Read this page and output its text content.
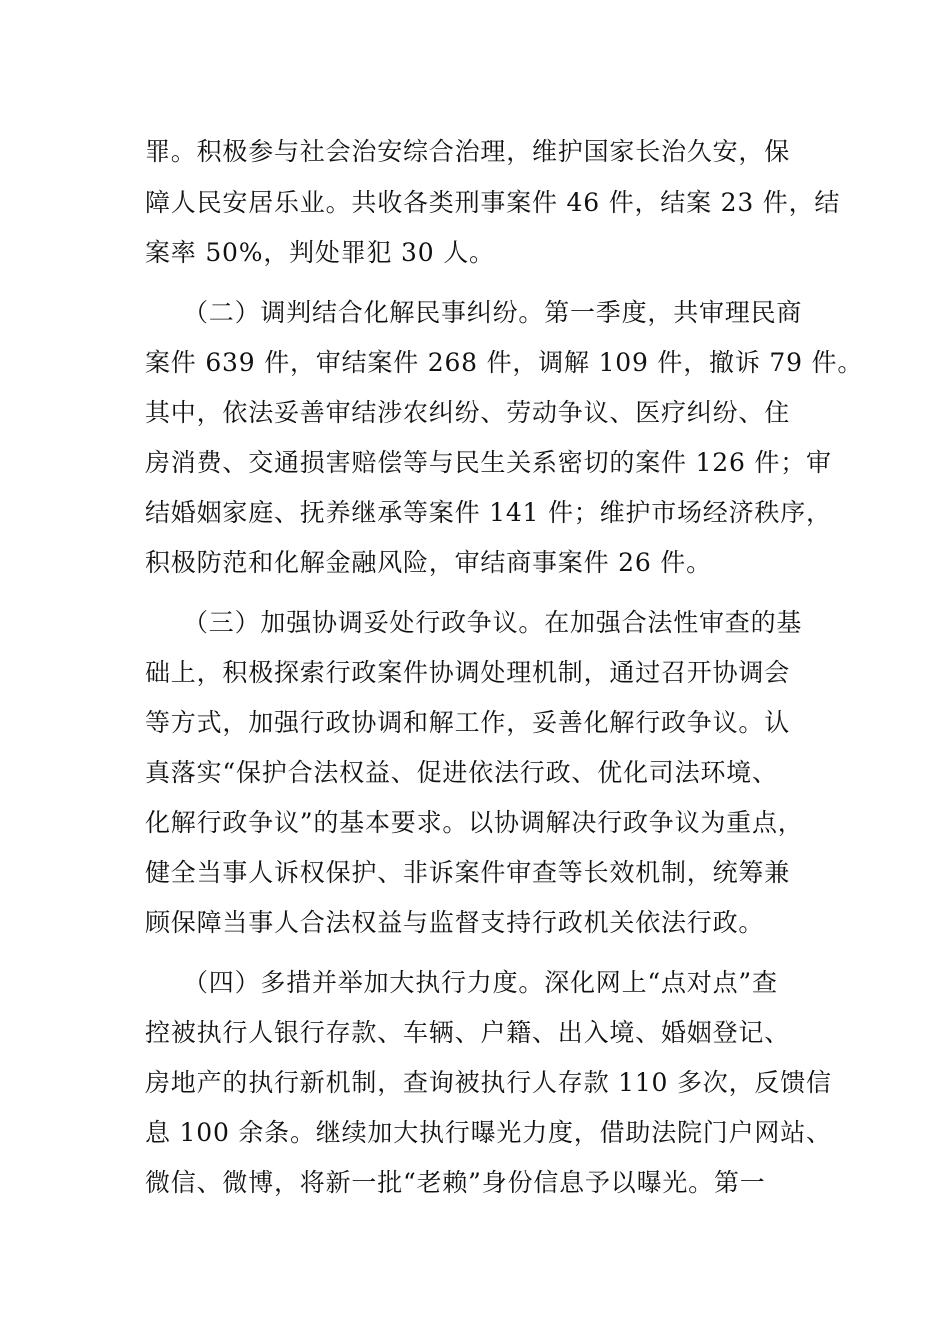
罪。积极参与社会治安综合治理，维护国家长治久安，保
障人民安居乐业。共收各类刑事案件 46 件，结案 23 件，结
案率 50%，判处罪犯 30 人。
（二）调判结合化解民事纠纷。第一季度，共审理民商
案件 639 件，审结案件 268 件，调解 109 件，撤诉 79 件。
其中，依法妥善审结涉农纠纷、劳动争议、医疗纠纷、住
房消费、交通损害赔偿等与民生关系密切的案件 126 件；审
结婚姻家庭、抚养继承等案件 141 件；维护市场经济秩序，
积极防范和化解金融风险，审结商事案件 26 件。
（三）加强协调妥处行政争议。在加强合法性审查的基
础上，积极探索行政案件协调处理机制，通过召开协调会
等方式，加强行政协调和解工作，妥善化解行政争议。认
真落实“保护合法权益、促进依法行政、优化司法环境、
化解行政争议”的基本要求。以协调解决行政争议为重点，
健全当事人诉权保护、非诉案件审查等长效机制，统筹兼
顾保障当事人合法权益与监督支持行政机关依法行政。
（四）多措并举加大执行力度。深化网上“点对点”查
控被执行人银行存款、车辆、户籍、出入境、婚姻登记、
房地产的执行新机制，查询被执行人存款 110 多次，反馈信
息 100 余条。继续加大执行曝光力度，借助法院门户网站、
微信、微博，将新一批“老赖”身份信息予以曝光。第一
